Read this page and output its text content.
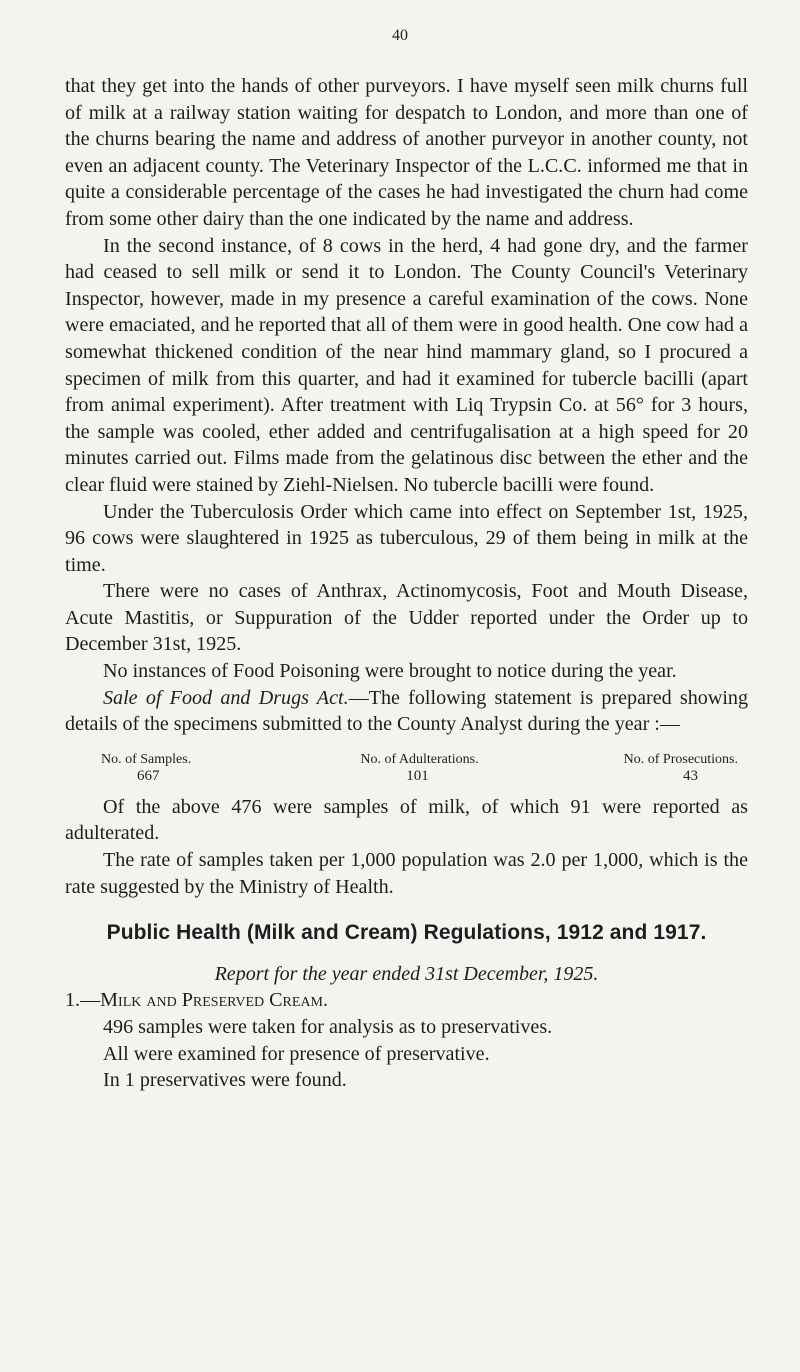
40

that they get into the hands of other purveyors. I have myself seen milk churns full of milk at a railway station waiting for despatch to London, and more than one of the churns bearing the name and address of another purveyor in another county, not even an adjacent county. The Veterinary Inspector of the L.C.C. informed me that in quite a considerable percentage of the cases he had investigated the churn had come from some other dairy than the one indicated by the name and address.

In the second instance, of 8 cows in the herd, 4 had gone dry, and the farmer had ceased to sell milk or send it to London. The County Council's Veterinary Inspector, however, made in my presence a careful examination of the cows. None were emaciated, and he reported that all of them were in good health. One cow had a somewhat thickened condition of the near hind mammary gland, so I procured a specimen of milk from this quarter, and had it examined for tubercle bacilli (apart from animal experiment). After treatment with Liq Trypsin Co. at 56° for 3 hours, the sample was cooled, ether added and centrifugalisation at a high speed for 20 minutes carried out. Films made from the gelatinous disc between the ether and the clear fluid were stained by Ziehl-Nielsen. No tubercle bacilli were found.

Under the Tuberculosis Order which came into effect on September 1st, 1925, 96 cows were slaughtered in 1925 as tuberculous, 29 of them being in milk at the time.

There were no cases of Anthrax, Actinomycosis, Foot and Mouth Disease, Acute Mastitis, or Suppuration of the Udder reported under the Order up to December 31st, 1925.

No instances of Food Poisoning were brought to notice during the year.

Sale of Food and Drugs Act.—The following statement is prepared showing details of the specimens submitted to the County Analyst during the year :—

No. of Samples.	No. of Adulterations.	No. of Prosecutions.
667	101	43

Of the above 476 were samples of milk, of which 91 were reported as adulterated.

The rate of samples taken per 1,000 population was 2.0 per 1,000, which is the rate suggested by the Ministry of Health.

Public Health (Milk and Cream) Regulations, 1912 and 1917.
Report for the year ended 31st December, 1925.

1.—Milk and Preserved Cream.

496 samples were taken for analysis as to preservatives.

All were examined for presence of preservative.

In 1 preservatives were found.
